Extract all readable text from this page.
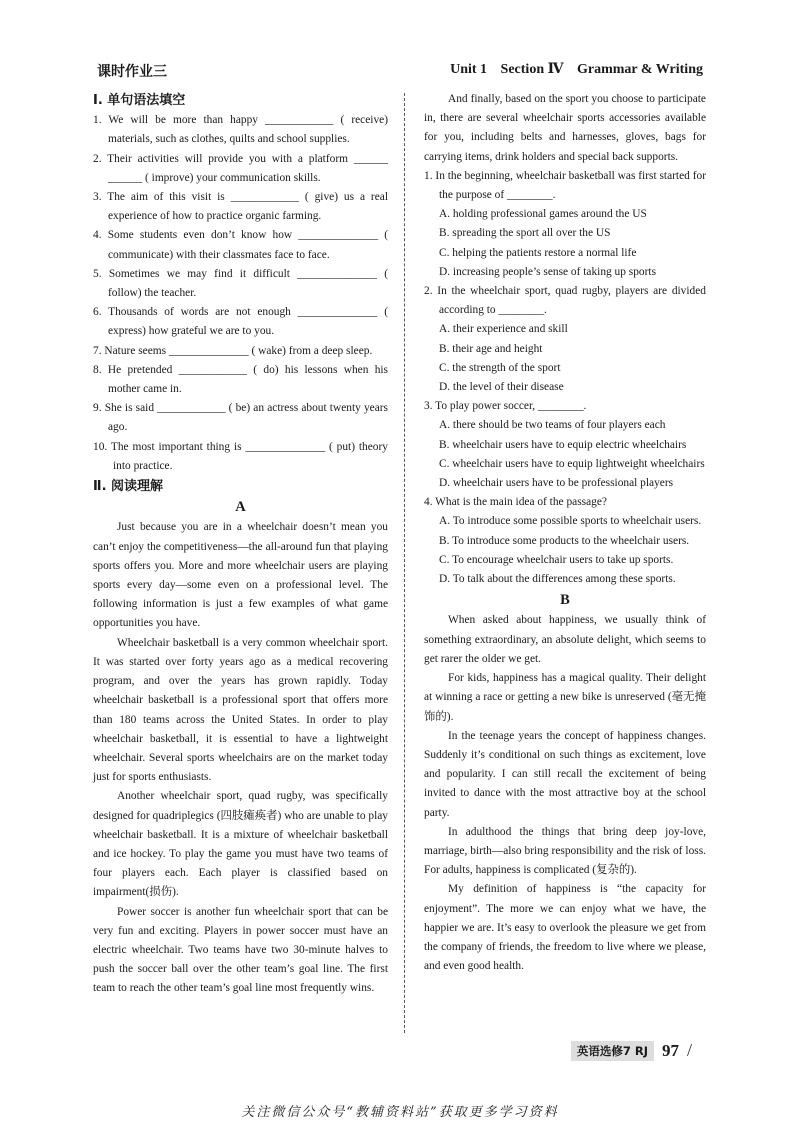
课时作业三	Unit 1 Section Ⅳ Grammar & Writing
Ⅰ. 单句语法填空
1. We will be more than happy ____________ ( receive) materials, such as clothes, quilts and school supplies.
2. Their activities will provide you with a platform ______ ______ ( improve) your communication skills.
3. The aim of this visit is ____________ ( give) us a real experience of how to practice organic farming.
4. Some students even don’t know how ______________ ( communicate) with their classmates face to face.
5. Sometimes we may find it difficult ______________ ( follow) the teacher.
6. Thousands of words are not enough ______________ ( express) how grateful we are to you.
7. Nature seems ______________ ( wake) from a deep sleep.
8. He pretended ____________ ( do) his lessons when his mother came in.
9. She is said ____________ ( be) an actress about twenty years ago.
10. The most important thing is ______________ ( put) theory into practice.
Ⅱ. 阅读理解
A
Just because you are in a wheelchair doesn’t mean you can’t enjoy the competitiveness—the all-around fun that playing sports offers you. More and more wheelchair users are playing sports every day—some even on a professional level. The following information is just a few examples of what game opportunities you have.
Wheelchair basketball is a very common wheelchair sport. It was started over forty years ago as a medical recovering program, and over the years has grown rapidly. Today wheelchair basketball is a professional sport that offers more than 180 teams across the United States. In order to play wheelchair basketball, it is essential to have a lightweight wheelchair. Several sports wheelchairs are on the market today just for sports enthusiasts.
Another wheelchair sport, quad rugby, was specifically designed for quadriplegics (四肢瘫痪者) who are unable to play wheelchair basketball. It is a mixture of wheelchair basketball and ice hockey. To play the game you must have two teams of four players each. Each player is classified based on impairment(损伤).
Power soccer is another fun wheelchair sport that can be very fun and exciting. Players in power soccer must have an electric wheelchair. Two teams have two 30-minute halves to push the soccer ball over the other team’s goal line. The first team to reach the other team’s goal line most frequently wins.
And finally, based on the sport you choose to participate in, there are several wheelchair sports accessories available for you, including belts and harnesses, gloves, bags for carrying items, drink holders and special back supports.
1. In the beginning, wheelchair basketball was first started for the purpose of ________.
A. holding professional games around the US
B. spreading the sport all over the US
C. helping the patients restore a normal life
D. increasing people’s sense of taking up sports
2. In the wheelchair sport, quad rugby, players are divided according to ________.
A. their experience and skill
B. their age and height
C. the strength of the sport
D. the level of their disease
3. To play power soccer, ________.
A. there should be two teams of four players each
B. wheelchair users have to equip electric wheelchairs
C. wheelchair users have to equip lightweight wheelchairs
D. wheelchair users have to be professional players
4. What is the main idea of the passage?
A. To introduce some possible sports to wheelchair users.
B. To introduce some products to the wheelchair users.
C. To encourage wheelchair users to take up sports.
D. To talk about the differences among these sports.
B
When asked about happiness, we usually think of something extraordinary, an absolute delight, which seems to get rarer the older we get.
For kids, happiness has a magical quality. Their delight at winning a race or getting a new bike is unreserved (毫无掩饰的).
In the teenage years the concept of happiness changes. Suddenly it’s conditional on such things as excitement, love and popularity. I can still recall the excitement of being invited to dance with the most attractive boy at the school party.
In adulthood the things that bring deep joy-love, marriage, birth—also bring responsibility and the risk of loss. For adults, happiness is complicated (复杂的).
My definition of happiness is “the capacity for enjoyment”. The more we can enjoy what we have, the happier we are. It’s easy to overlook the pleasure we get from the company of friends, the freedom to live where we please, and even good health.
英语选修7 RJ 97 /
关注微信公众号“教辅资料站”获取更多学习资料
